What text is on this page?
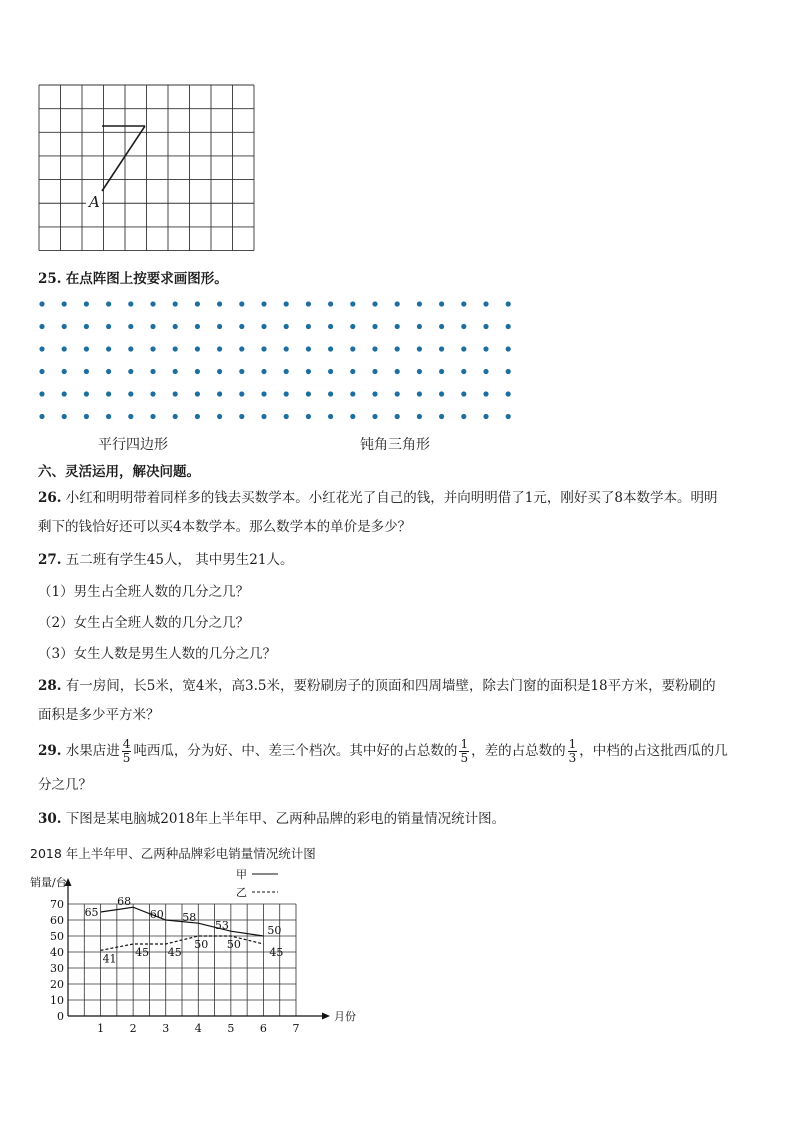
A
25. 在点阵图上按要求画图形。
平行四边形	钝角三角形
六、灵活运用，解决问题。
26. 小红和明明带着同样多的钱去买数学本。小红花光了自己的钱，并向明明借了1元，刚好买了8本数学本。明明
剩下的钱恰好还可以买4本数学本。那么数学本的单价是多少？
27. 五二班有学生45人， 其中男生21人。
（1）男生占全班人数的几分之几？
（2）女生占全班人数的几分之几？
（3）女生人数是男生人数的几分之几？
28. 有一房间，长5米，宽4米，高3.5米，要粉刷房子的顶面和四周墙壁，除去门窗的面积是18平方米，要粉刷的
面积是多少平方米？
29. 水果店进 $\frac{4}{5}$ 吨西瓜，分为好、中、差三个档次。其中好的占总数的 $\frac{1}{5}$ ，差的占总数的 $\frac{1}{3}$ ，中档的占这批西瓜的几
分之几？
30. 下图是某电脑城2018年上半年甲、乙两种品牌的彩电的销量情况统计图。
2018 年上半年甲、乙两种品牌彩电销量情况统计图
0
10
20
30
40
50
60
70
1 2 3 4 5 6 7
销量/台
月份
65
68
60 58
53	50
41 45 45
50 50
45
甲
乙
